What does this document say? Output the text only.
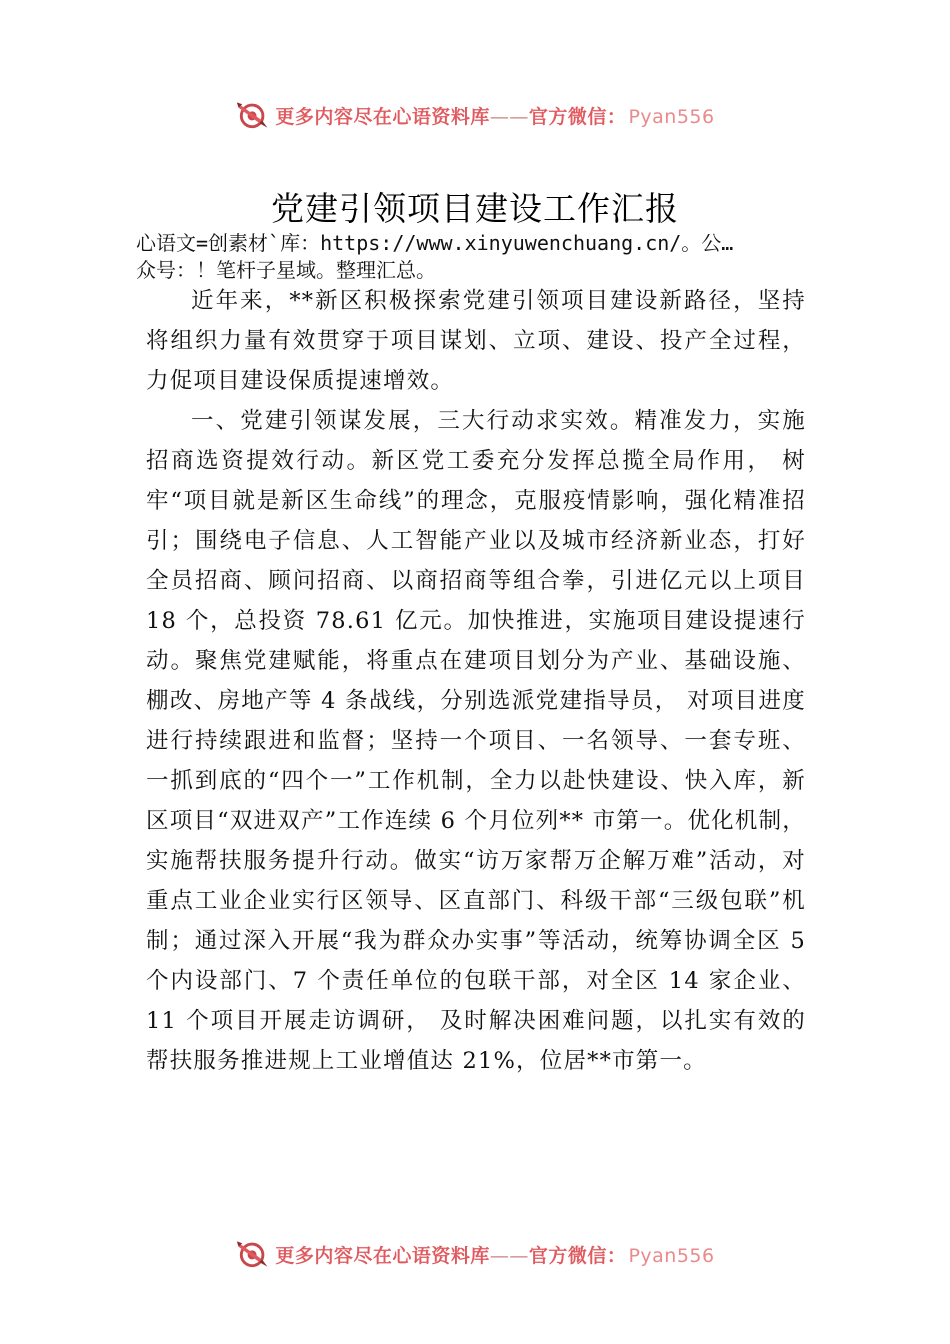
更多内容尽在心语资料库——官方微信： Pyan556
党建引领项目建设工作汇报
心语文=创素材`库：https://www.xinyuwenchuang.cn/。公…
众号：！笔杆子星域。整理汇总。

近年来，**新区积极探索党建引领项目建设新路径，坚持将组织力量有效贯穿于项目谋划、立项、建设、投产全过程，力促项目建设保质提速增效。

一、党建引领谋发展，三大行动求实效。精准发力，实施招商选资提效行动。新区党工委充分发挥总揽全局作用， 树牢“项目就是新区生命线”的理念，克服疫情影响，强化精准招引；围绕电子信息、人工智能产业以及城市经济新业态，打好全员招商、顾问招商、以商招商等组合拳，引进亿元以上项目 18 个，总投资 78.61 亿元。加快推进，实施项目建设提速行动。聚焦党建赋能，将重点在建项目划分为产业、基础设施、棚改、房地产等 4 条战线，分别选派党建指导员， 对项目进度进行持续跟进和监督；坚持一个项目、一名领导、一套专班、一抓到底的“四个一”工作机制，全力以赴快建设、快入库，新区项目“双进双产”工作连续 6 个月位列** 市第一。优化机制，实施帮扶服务提升行动。做实“访万家帮万企解万难”活动，对重点工业企业实行区领导、区直部门、科级干部“三级包联”机制；通过深入开展“我为群众办实事”等活动，统筹协调全区 5 个内设部门、7 个责任单位的包联干部，对全区 14 家企业、11 个项目开展走访调研， 及时解决困难问题，以扎实有效的帮扶服务推进规上工业增值达 21%，位居**市第一。

更多内容尽在心语资料库——官方微信： Pyan556
